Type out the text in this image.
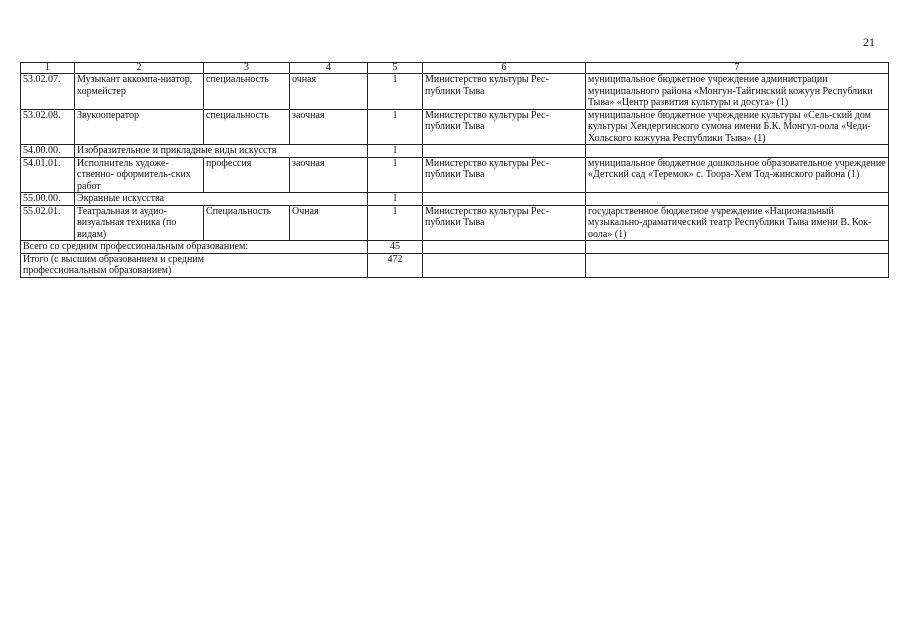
21
1	2	3	4	5	6	7
53.02.07.	Музыкант аккомпа-ниатор, хормейстер	специальность	очная	1	Министерство культуры Рес-публики Тыва	муниципальное бюджетное учреждение администрации муниципального района «Монгун-Тайгинский кожуун Республики Тыва» «Центр развития культуры и досуга» (1)
53.02.08.	Звукооператор	специальность	заочная	1	Министерство культуры Рес-публики Тыва	муниципальное бюджетное учреждение культуры «Сель-ский дом культуры Хендергинского сумона имени Б.К. Монгул-оола «Чеди-Хольского кожууна Республики Тыва» (1)
54.00.00.	Изобразительное и прикладные виды искусств			1		
54.01.01.	Исполнитель художе-ственно- оформитель-ских работ	профессия	заочная	1	Министерство культуры Рес-публики Тыва	муниципальное бюджетное дошкольное образовательное учреждение «Детский сад «Теремок» с. Тоора-Хем Тод-жинского района (1)
55.00.00.	Экранные искусства			1		
55.02.01.	Театральная и аудио-визуальная техника (по видам)	Специальность	Очная	1	Министерство культуры Рес-публики Тыва	государственное бюджетное учреждение «Национальный музыкально-драматический театр Республики Тыва имени В. Кок-оола» (1)
Всего со средним профессиональным образованием:				45		
Итого (с высшим образованием и средним профессиональным образованием)				472		
